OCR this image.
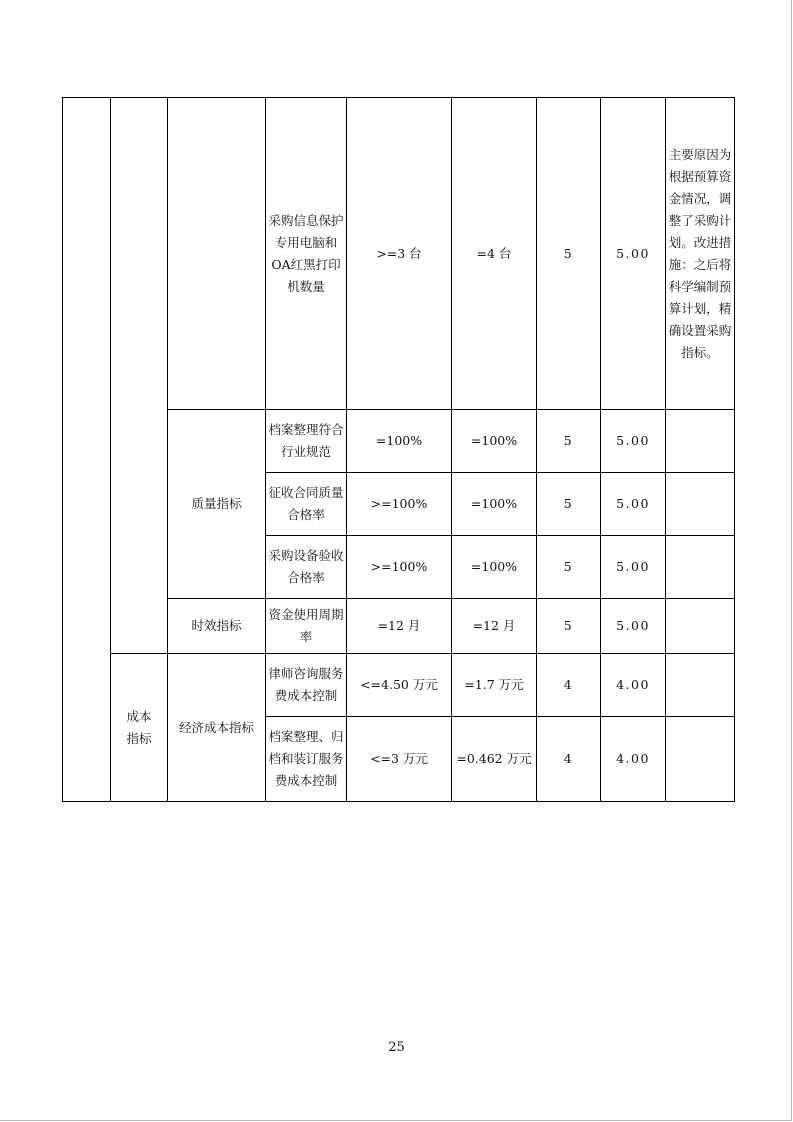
			采购信息保护专用电脑和OA红黑打印机数量	>=3 台	=4 台	5	5.00	主要原因为根据预算资金情况，调整了采购计划。改进措施：之后将科学编制预算计划，精确设置采购指标。
		质量指标	档案整理符合行业规范	=100%	=100%	5	5.00	
			征收合同质量合格率	>=100%	=100%	5	5.00	
			采购设备验收合格率	>=100%	=100%	5	5.00	
		时效指标	资金使用周期率	=12 月	=12 月	5	5.00	
	成本指标	经济成本指标	律师咨询服务费成本控制	<=4.50 万元	=1.7 万元	4	4.00	
			档案整理、归档和装订服务费成本控制	<=3 万元	=0.462 万元	4	4.00	
25
